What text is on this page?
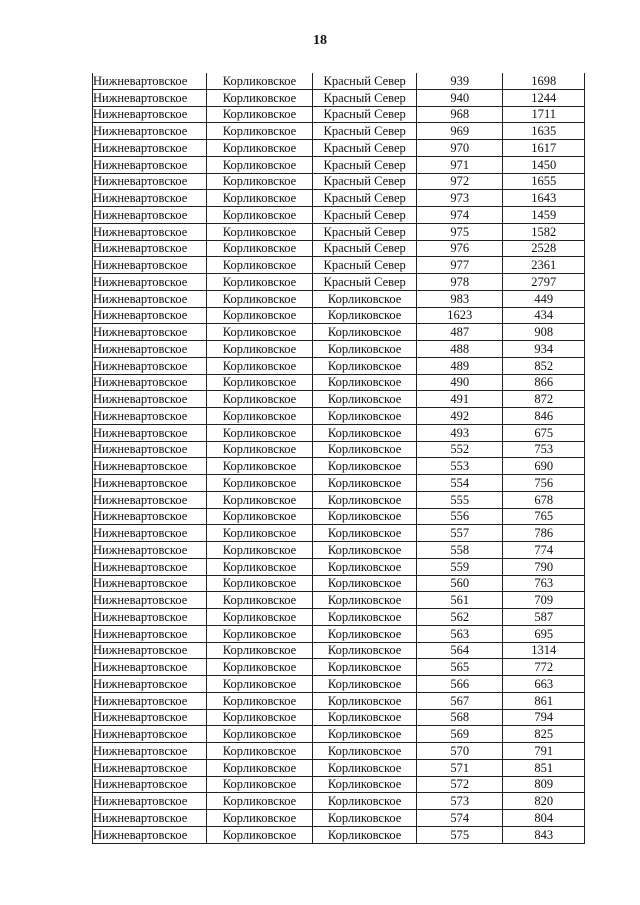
18
Нижневартовское	Корликовское	Красный Север	939	1698
Нижневартовское	Корликовское	Красный Север	940	1244
Нижневартовское	Корликовское	Красный Север	968	1711
Нижневартовское	Корликовское	Красный Север	969	1635
Нижневартовское	Корликовское	Красный Север	970	1617
Нижневартовское	Корликовское	Красный Север	971	1450
Нижневартовское	Корликовское	Красный Север	972	1655
Нижневартовское	Корликовское	Красный Север	973	1643
Нижневартовское	Корликовское	Красный Север	974	1459
Нижневартовское	Корликовское	Красный Север	975	1582
Нижневартовское	Корликовское	Красный Север	976	2528
Нижневартовское	Корликовское	Красный Север	977	2361
Нижневартовское	Корликовское	Красный Север	978	2797
Нижневартовское	Корликовское	Корликовское	983	449
Нижневартовское	Корликовское	Корликовское	1623	434
Нижневартовское	Корликовское	Корликовское	487	908
Нижневартовское	Корликовское	Корликовское	488	934
Нижневартовское	Корликовское	Корликовское	489	852
Нижневартовское	Корликовское	Корликовское	490	866
Нижневартовское	Корликовское	Корликовское	491	872
Нижневартовское	Корликовское	Корликовское	492	846
Нижневартовское	Корликовское	Корликовское	493	675
Нижневартовское	Корликовское	Корликовское	552	753
Нижневартовское	Корликовское	Корликовское	553	690
Нижневартовское	Корликовское	Корликовское	554	756
Нижневартовское	Корликовское	Корликовское	555	678
Нижневартовское	Корликовское	Корликовское	556	765
Нижневартовское	Корликовское	Корликовское	557	786
Нижневартовское	Корликовское	Корликовское	558	774
Нижневартовское	Корликовское	Корликовское	559	790
Нижневартовское	Корликовское	Корликовское	560	763
Нижневартовское	Корликовское	Корликовское	561	709
Нижневартовское	Корликовское	Корликовское	562	587
Нижневартовское	Корликовское	Корликовское	563	695
Нижневартовское	Корликовское	Корликовское	564	1314
Нижневартовское	Корликовское	Корликовское	565	772
Нижневартовское	Корликовское	Корликовское	566	663
Нижневартовское	Корликовское	Корликовское	567	861
Нижневартовское	Корликовское	Корликовское	568	794
Нижневартовское	Корликовское	Корликовское	569	825
Нижневартовское	Корликовское	Корликовское	570	791
Нижневартовское	Корликовское	Корликовское	571	851
Нижневартовское	Корликовское	Корликовское	572	809
Нижневартовское	Корликовское	Корликовское	573	820
Нижневартовское	Корликовское	Корликовское	574	804
Нижневартовское	Корликовское	Корликовское	575	843
